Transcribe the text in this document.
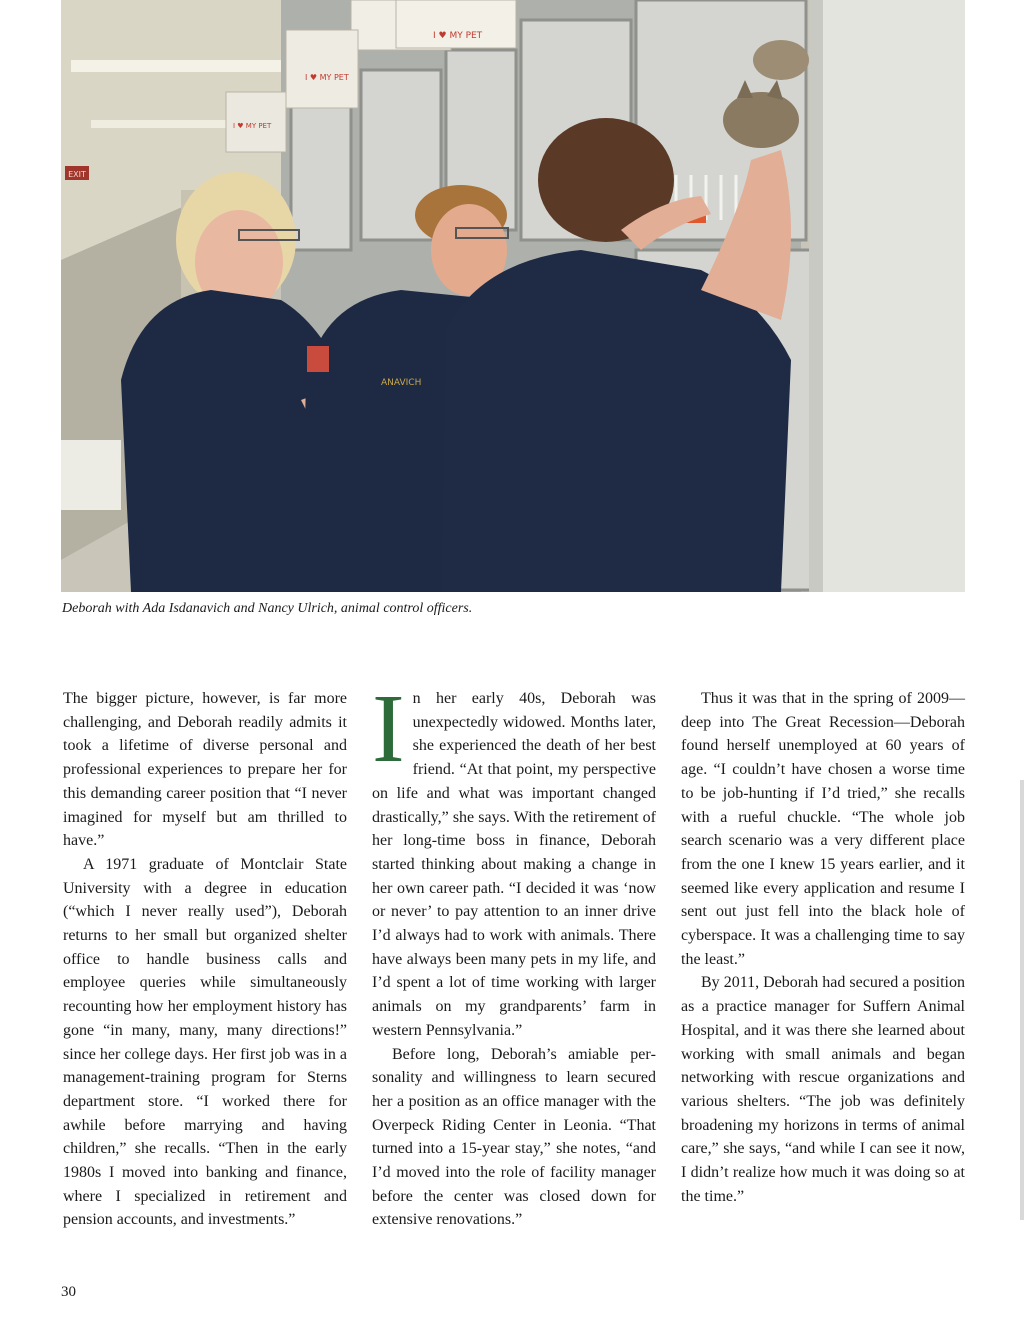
EXIT
I ♥ MY PET
I ♥ MY PET
I ♥ MY PET
ANAVICH
Deborah with Ada Isdanavich and Nancy Ulrich, animal control officers.

The bigger picture, however, is far more challenging, and Deborah readily admits it took a lifetime of diverse personal and professional experiences to prepare her for this demanding career position that “I never imagined for myself but am thrilled to have.”

A 1971 graduate of Montclair State University with a degree in education (“which I never really used”), Deborah returns to her small but organized shelter office to handle business calls and employee queries while simultaneously recounting how her employment history has gone “in many, many, many directions!” since her college days. Her first job was in a management-training program for Sterns department store. “I worked there for awhile before marrying and having children,” she recalls. “Then in the early 1980s I moved into banking and finance, where I specialized in retirement and pension accounts, and investments.”

In her early 40s, Deborah was unexpectedly widowed. Months later, she experienced the death of her best friend. “At that point, my perspective on life and what was important changed drastically,” she says. With the retirement of her long-time boss in finance, Deborah started thinking about making a change in her own career path. “I decided it was ‘now or never’ to pay attention to an inner drive I’d always had to work with animals. There have always been many pets in my life, and I’d spent a lot of time working with larger animals on my grandparents’ farm in western Pennsylvania.”

Before long, Deborah’s amiable personality and willingness to learn secured her a position as an office manager with the Overpeck Riding Center in Leonia. “That turned into a 15-year stay,” she notes, “and I’d moved into the role of facility manager before the center was closed down for extensive renovations.”

Thus it was that in the spring of 2009—deep into The Great Recession—Deborah found herself unemployed at 60 years of age. “I couldn’t have chosen a worse time to be job-hunting if I’d tried,” she recalls with a rueful chuckle. “The whole job search scenario was a very different place from the one I knew 15 years earlier, and it seemed like every application and resume I sent out just fell into the black hole of cyberspace. It was a challenging time to say the least.”

By 2011, Deborah had secured a position as a practice manager for Suffern Animal Hospital, and it was there she learned about working with small animals and began networking with rescue organizations and various shelters. “The job was definitely broadening my horizons in terms of animal care,” she says, “and while I can see it now, I didn’t realize how much it was doing so at the time.”

30
